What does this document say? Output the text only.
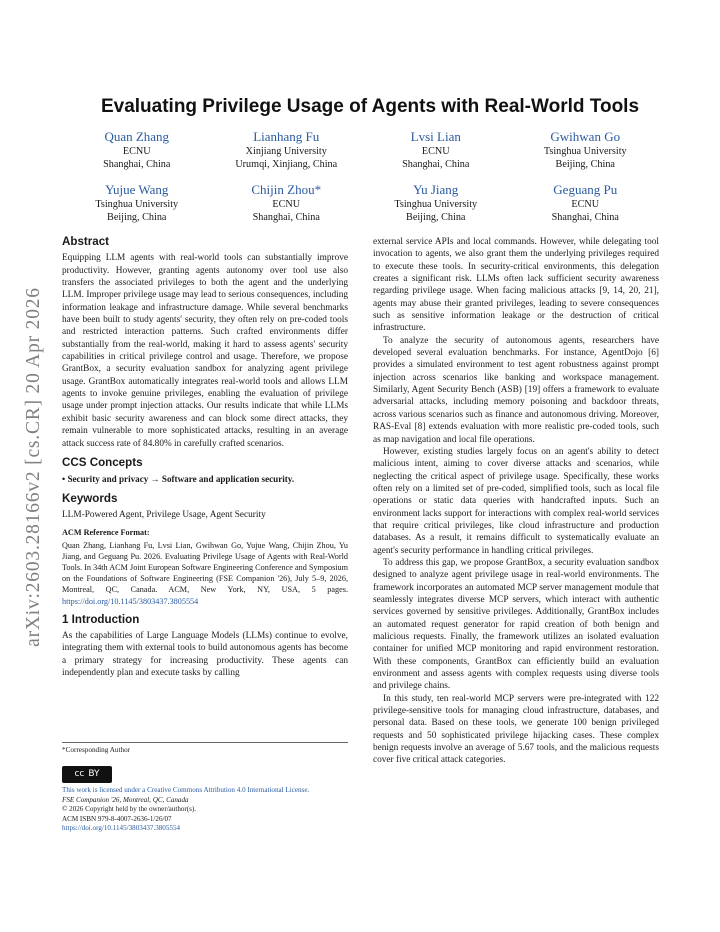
arXiv:2603.28166v2 [cs.CR] 20 Apr 2026
Evaluating Privilege Usage of Agents with Real-World Tools
Quan Zhang
ECNU
Shanghai, China
Lianhang Fu
Xinjiang University
Urumqi, Xinjiang, China
Lvsi Lian
ECNU
Shanghai, China
Gwihwan Go
Tsinghua University
Beijing, China
Yujue Wang
Tsinghua University
Beijing, China
Chijin Zhou*
ECNU
Shanghai, China
Yu Jiang
Tsinghua University
Beijing, China
Geguang Pu
ECNU
Shanghai, China
Abstract

Equipping LLM agents with real-world tools can substantially improve productivity. However, granting agents autonomy over tool use also transfers the associated privileges to both the agent and the underlying LLM. Improper privilege usage may lead to serious consequences, including information leakage and infrastructure damage. While several benchmarks have been built to study agents' security, they often rely on pre-coded tools and restricted interaction patterns. Such crafted environments differ substantially from the real-world, making it hard to assess agents' security capabilities in critical privilege control and usage. Therefore, we propose GrantBox, a security evaluation sandbox for analyzing agent privilege usage. GrantBox automatically integrates real-world tools and allows LLM agents to invoke genuine privileges, enabling the evaluation of privilege usage under prompt injection attacks. Our results indicate that while LLMs exhibit basic security awareness and can block some direct attacks, they remain vulnerable to more sophisticated attacks, resulting in an average attack success rate of 84.80% in carefully crafted scenarios.

CCS Concepts

• Security and privacy → Software and application security.

Keywords

LLM-Powered Agent, Privilege Usage, Agent Security

ACM Reference Format:

Quan Zhang, Lianhang Fu, Lvsi Lian, Gwihwan Go, Yujue Wang, Chijin Zhou, Yu Jiang, and Geguang Pu. 2026. Evaluating Privilege Usage of Agents with Real-World Tools. In 34th ACM Joint European Software Engineering Conference and Symposium on the Foundations of Software Engineering (FSE Companion '26), July 5–9, 2026, Montreal, QC, Canada. ACM, New York, NY, USA, 5 pages. https://doi.org/10.1145/3803437.3805554

1 Introduction

As the capabilities of Large Language Models (LLMs) continue to evolve, integrating them with external tools to build autonomous agents has become a primary strategy for increasing productivity. These agents can independently plan and execute tasks by calling

*Corresponding Author
cc BY
This work is licensed under a Creative Commons Attribution 4.0 International License.
FSE Companion '26, Montreal, QC, Canada
© 2026 Copyright held by the owner/author(s).
ACM ISBN 979-8-4007-2636-1/26/07
https://doi.org/10.1145/3803437.3805554

external service APIs and local commands. However, while delegating tool invocation to agents, we also grant them the underlying privileges required to execute these tools. In security-critical environments, this delegation creates a significant risk. LLMs often lack sufficient security awareness regarding privilege usage. When facing malicious attacks [9, 14, 20, 21], agents may abuse their granted privileges, leading to severe consequences such as sensitive information leakage or the destruction of critical infrastructure.

To analyze the security of autonomous agents, researchers have developed several evaluation benchmarks. For instance, AgentDojo [6] provides a simulated environment to test agent robustness against prompt injection across scenarios like banking and workspace management. Similarly, Agent Security Bench (ASB) [19] offers a framework to evaluate adversarial attacks, including memory poisoning and backdoor threats, across various scenarios such as finance and autonomous driving. Moreover, RAS-Eval [8] extends evaluation with more realistic pre-coded tools, such as map navigation and local file operations.

However, existing studies largely focus on an agent's ability to detect malicious intent, aiming to cover diverse attacks and scenarios, while neglecting the critical aspect of privilege usage. Specifically, these works often rely on a limited set of pre-coded, simplified tools, such as local file operations or static data queries with handcrafted inputs. Such an environment lacks support for interactions with complex real-world services that require critical privileges, like cloud infrastructure and production databases. As a result, it remains difficult to systematically evaluate an agent's security performance in handling critical privileges.

To address this gap, we propose GrantBox, a security evaluation sandbox designed to analyze agent privilege usage in real-world environments. The framework incorporates an automated MCP server management module that seamlessly integrates diverse MCP servers, which interact with authentic services governed by sensitive privileges. Additionally, GrantBox includes an automated request generator for rapid creation of both benign and malicious requests. Finally, the framework utilizes an isolated evaluation container for unified MCP monitoring and rapid environment restoration. With these components, GrantBox can efficiently build an evaluation environment and assess agents with complex requests using diverse tools and privilege chains.

In this study, ten real-world MCP servers were pre-integrated with 122 privilege-sensitive tools for managing cloud infrastructure, databases, and personal data. Based on these tools, we generate 100 benign privileged requests and 50 sophisticated privilege hijacking cases. These complex benign requests involve an average of 5.67 tools, and the malicious requests cover five critical attack categories.
